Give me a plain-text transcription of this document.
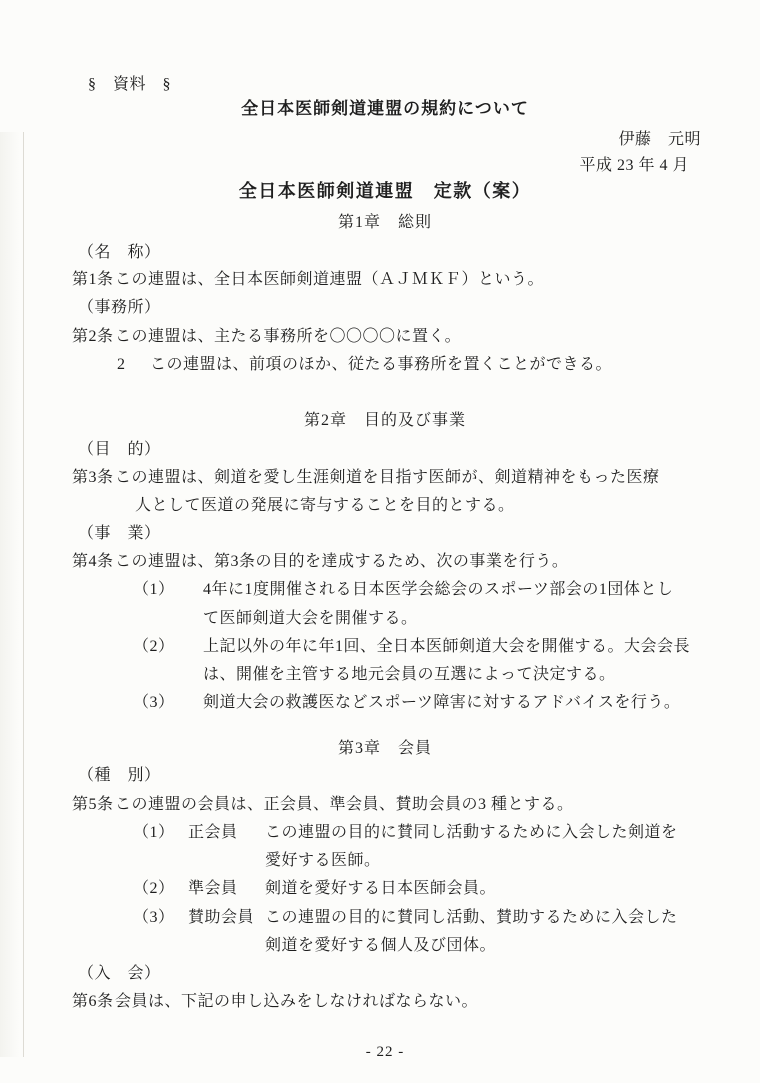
§　資料　§
全日本医師剣道連盟の規約について
伊藤　元明
平成 23 年 4 月
全日本医師剣道連盟　定款（案）
第1章　総則
（名　称）
第1条この連盟は、全日本医師剣道連盟（ＡＪＭＫＦ）という。
（事務所）
第2条この連盟は、主たる事務所を〇〇〇〇に置く。
2 この連盟は、前項のほか、従たる事務所を置くことができる。
第2章　目的及び事業
（目　的）
第3条この連盟は、剣道を愛し生涯剣道を目指す医師が、剣道精神をもった医療
人として医道の発展に寄与することを目的とする。
（事　業）
第4条この連盟は、第3条の目的を達成するため、次の事業を行う。
（1） 4年に1度開催される日本医学会総会のスポーツ部会の1団体とし
て医師剣道大会を開催する。
（2） 上記以外の年に年1回、全日本医師剣道大会を開催する。大会会長
は、開催を主管する地元会員の互選によって決定する。
（3） 剣道大会の救護医などスポーツ障害に対するアドバイスを行う。
第3章　会員
（種　別）
第5条この連盟の会員は、正会員、準会員、賛助会員の3 種とする。
（1） 正会員 この連盟の目的に賛同し活動するために入会した剣道を
愛好する医師。
（2） 準会員 剣道を愛好する日本医師会員。
（3） 賛助会員 この連盟の目的に賛同し活動、賛助するために入会した
剣道を愛好する個人及び団体。
（入　会）
第6条会員は、下記の申し込みをしなければならない。
- 22 -
